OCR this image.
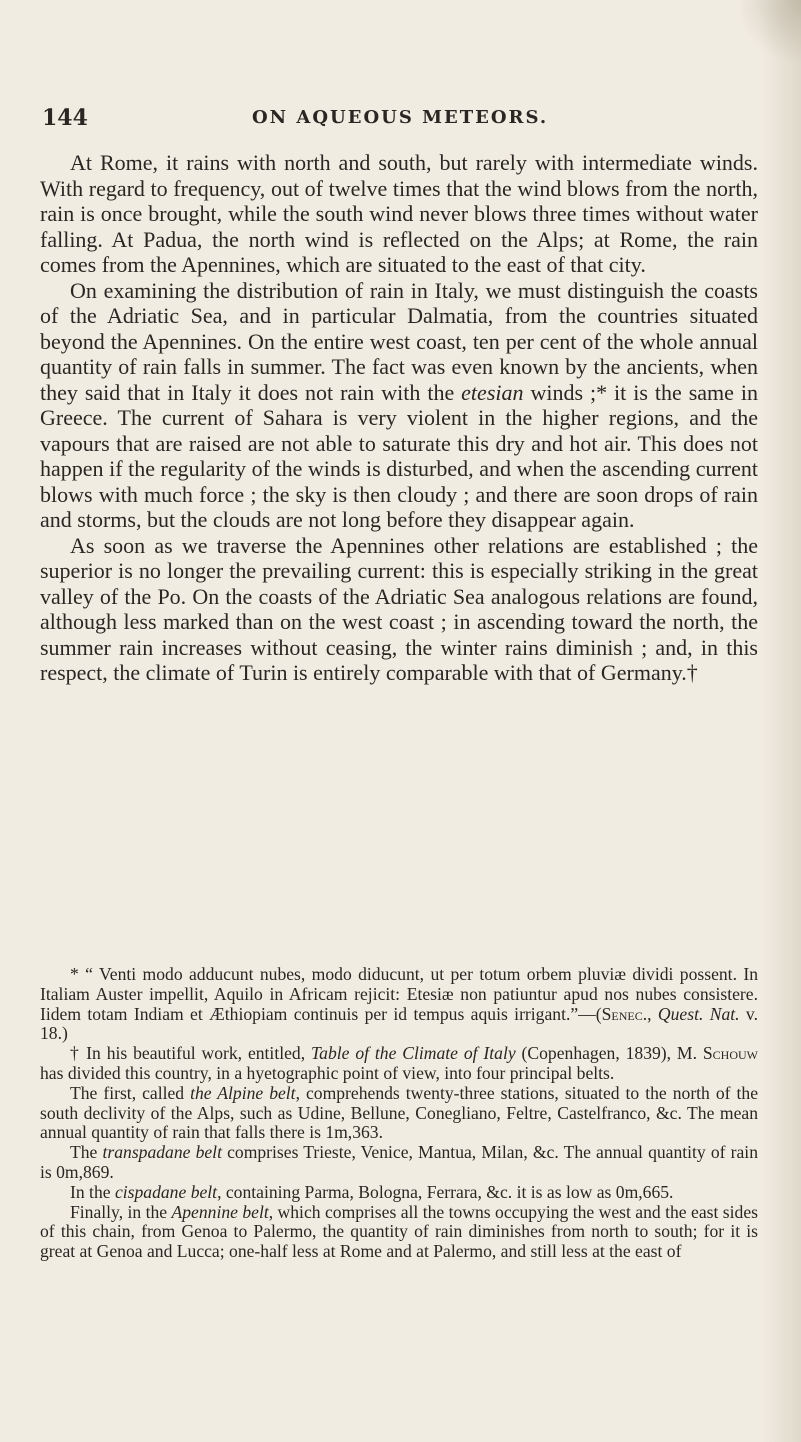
144	ON AQUEOUS METEORS.

At Rome, it rains with north and south, but rarely with intermediate winds. With regard to frequency, out of twelve times that the wind blows from the north, rain is once brought, while the south wind never blows three times without water falling. At Padua, the north wind is reflected on the Alps; at Rome, the rain comes from the Apennines, which are situated to the east of that city.

On examining the distribution of rain in Italy, we must distinguish the coasts of the Adriatic Sea, and in particular Dalmatia, from the countries situated beyond the Apennines. On the entire west coast, ten per cent of the whole annual quantity of rain falls in summer. The fact was even known by the ancients, when they said that in Italy it does not rain with the etesian winds ;* it is the same in Greece. The current of Sahara is very violent in the higher regions, and the vapours that are raised are not able to saturate this dry and hot air. This does not happen if the regularity of the winds is disturbed, and when the ascending current blows with much force ; the sky is then cloudy ; and there are soon drops of rain and storms, but the clouds are not long before they disappear again.

As soon as we traverse the Apennines other relations are established ; the superior is no longer the prevailing current: this is especially striking in the great valley of the Po. On the coasts of the Adriatic Sea analogous relations are found, although less marked than on the west coast ; in ascending toward the north, the summer rain increases without ceasing, the winter rains diminish ; and, in this respect, the climate of Turin is entirely comparable with that of Germany.†

* “ Venti modo adducunt nubes, modo diducunt, ut per totum orbem pluviæ dividi possent. In Italiam Auster impellit, Aquilo in Africam rejicit: Etesiæ non patiuntur apud nos nubes consistere. Iidem totam Indiam et Æthiopiam continuis per id tempus aquis irrigant.”—(Senec., Quest. Nat. v. 18.)

† In his beautiful work, entitled, Table of the Climate of Italy (Copenhagen, 1839), M. Schouw has divided this country, in a hyetographic point of view, into four principal belts.

The first, called the Alpine belt, comprehends twenty-three stations, situated to the north of the south declivity of the Alps, such as Udine, Bellune, Conegliano, Feltre, Castelfranco, &c. The mean annual quantity of rain that falls there is 1m,363.

The transpadane belt comprises Trieste, Venice, Mantua, Milan, &c. The annual quantity of rain is 0m,869.

In the cispadane belt, containing Parma, Bologna, Ferrara, &c. it is as low as 0m,665.

Finally, in the Apennine belt, which comprises all the towns occupying the west and the east sides of this chain, from Genoa to Palermo, the quantity of rain diminishes from north to south; for it is great at Genoa and Lucca; one-half less at Rome and at Palermo, and still less at the east of
